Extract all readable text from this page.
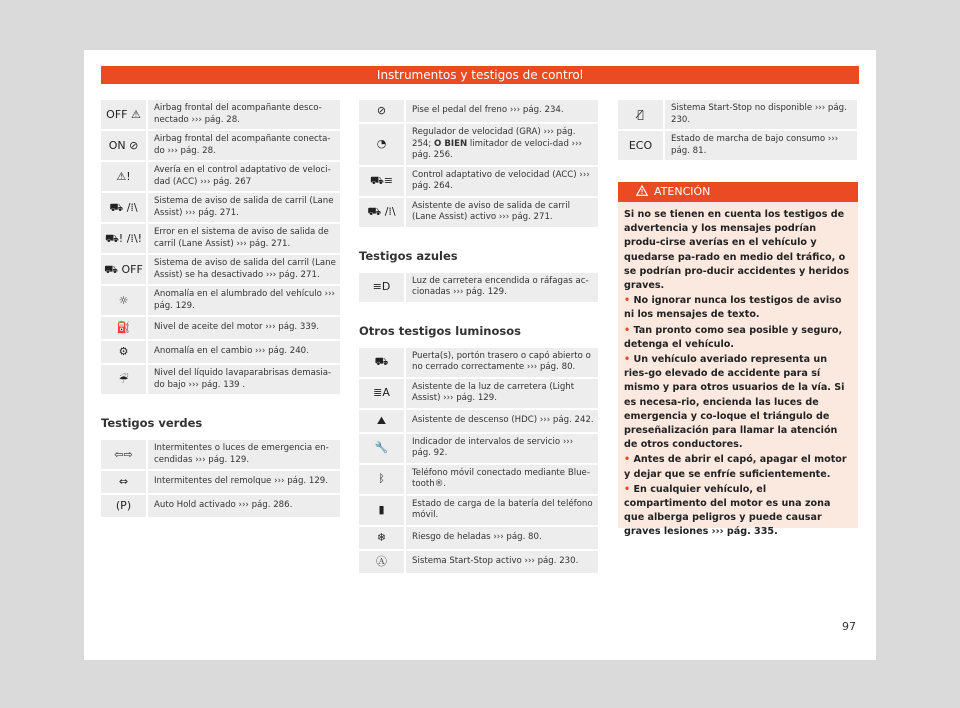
Instrumentos y testigos de control
OFF ⚠	Airbag frontal del acompañante desco-nectado ››› pág. 28.

ON ⊘	Airbag frontal del acompañante conecta-do ››› pág. 28.

⚠!	Avería en el control adaptativo de veloci-dad (ACC) ››› pág. 267

⛟ /⁞\	Sistema de aviso de salida de carril (Lane Assist) ››› pág. 271.

⛟! /⁞\!	Error en el sistema de aviso de salida de carril (Lane Assist) ››› pág. 271.

⛟ OFF	Sistema de aviso de salida del carril (Lane Assist) se ha desactivado ››› pág. 271.

☼	Anomalía en el alumbrado del vehículo ››› pág. 129.

⛽	Nivel de aceite del motor ››› pág. 339.

⚙	Anomalía en el cambio ››› pág. 240.

☔	Nivel del líquido lavaparabrisas demasia-do bajo ››› pág. 139 .
Testigos verdes
⇦⇨	Intermitentes o luces de emergencia en-cendidas ››› pág. 129.

⇔	Intermitentes del remolque ››› pág. 129.

(P)	Auto Hold activado ››› pág. 286.
⊘	Pise el pedal del freno ››› pág. 234.

◔	Regulador de velocidad (GRA) ››› pág. 254; O BIEN limitador de veloci-dad ››› pág. 256.

⛟≡	Control adaptativo de velocidad (ACC) ››› pág. 264.

⛟ /⁞\	Asistente de aviso de salida de carril (Lane Assist) activo ››› pág. 271.
Testigos azules
≡D	Luz de carretera encendida o ráfagas ac-cionadas ››› pág. 129.
Otros testigos luminosos
⛟	Puerta(s), portón trasero o capó abierto o no cerrado correctamente ››› pág. 80.

≣A	Asistente de la luz de carretera (Light Assist) ››› pág. 129.

⛰	Asistente de descenso (HDC) ››› pág. 242.

🔧	Indicador de intervalos de servicio ››› pág. 92.

ᛒ	Teléfono móvil conectado mediante Blue-tooth®.

▮	Estado de carga de la batería del teléfono móvil.

❄	Riesgo de heladas ››› pág. 80.

Ⓐ	Sistema Start-Stop activo ››› pág. 230.
Ⓐ̸	Sistema Start-Stop no disponible ››› pág. 230.

ECO	Estado de marcha de bajo consumo ››› pág. 81.
ATENCIÓN

Si no se tienen en cuenta los testigos de advertencia y los mensajes podrían produ-cirse averías en el vehículo y quedarse pa-rado en medio del tráfico, o se podrían pro-ducir accidentes y heridos graves.

• No ignorar nunca los testigos de aviso ni los mensajes de texto.

• Tan pronto como sea posible y seguro, detenga el vehículo.

• Un vehículo averiado representa un ries-go elevado de accidente para sí mismo y para otros usuarios de la vía. Si es necesa-rio, encienda las luces de emergencia y co-loque el triángulo de preseñalización para llamar la atención de otros conductores.

• Antes de abrir el capó, apagar el motor y dejar que se enfríe suficientemente.

• En cualquier vehículo, el compartimento del motor es una zona que alberga peligros y puede causar graves lesiones ››› pág. 335.

97
